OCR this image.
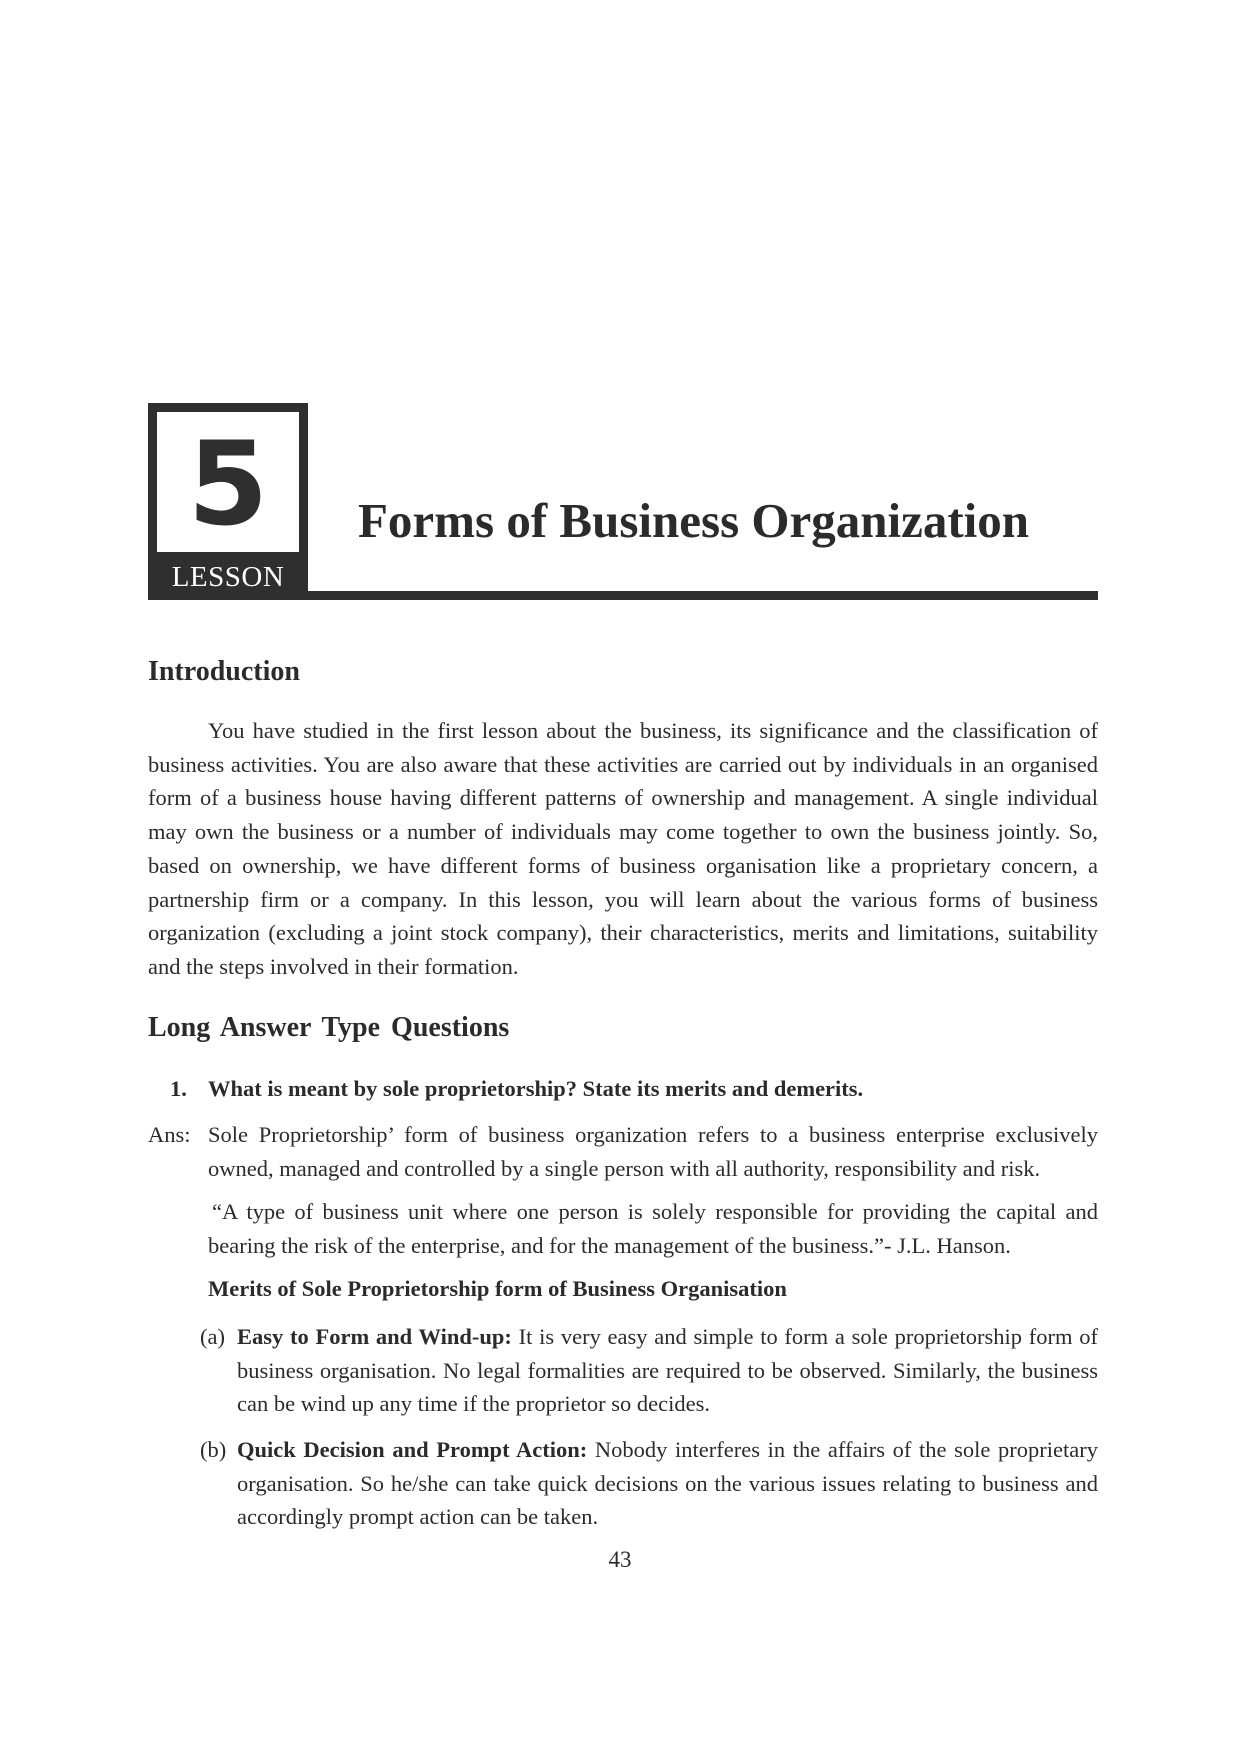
5
LESSON
Forms of Business Organization
Introduction

You have studied in the first lesson about the business, its significance and the classification of business activities. You are also aware that these activities are carried out by individuals in an organised form of a business house having different patterns of ownership and management. A single individual may own the business or a number of individuals may come together to own the business jointly. So, based on ownership, we have different forms of business organisation like a proprietary concern, a partnership firm or a company. In this lesson, you will learn about the various forms of business organization (excluding a joint stock company), their characteristics, merits and limitations, suitability and the steps involved in their formation.

Long Answer Type Questions

1. What is meant by sole proprietorship? State its merits and demerits.

Ans: Sole Proprietorship’ form of business organization refers to a business enterprise exclusively owned, managed and controlled by a single person with all authority, responsibility and risk.

“A type of business unit where one person is solely responsible for providing the capital and bearing the risk of the enterprise, and for the management of the business.”- J.L. Hanson.

Merits of Sole Proprietorship form of Business Organisation

(a) Easy to Form and Wind-up: It is very easy and simple to form a sole proprietorship form of business organisation. No legal formalities are required to be observed. Similarly, the business can be wind up any time if the proprietor so decides.

(b) Quick Decision and Prompt Action: Nobody interferes in the affairs of the sole proprietary organisation. So he/she can take quick decisions on the various issues relating to business and accordingly prompt action can be taken.

43
